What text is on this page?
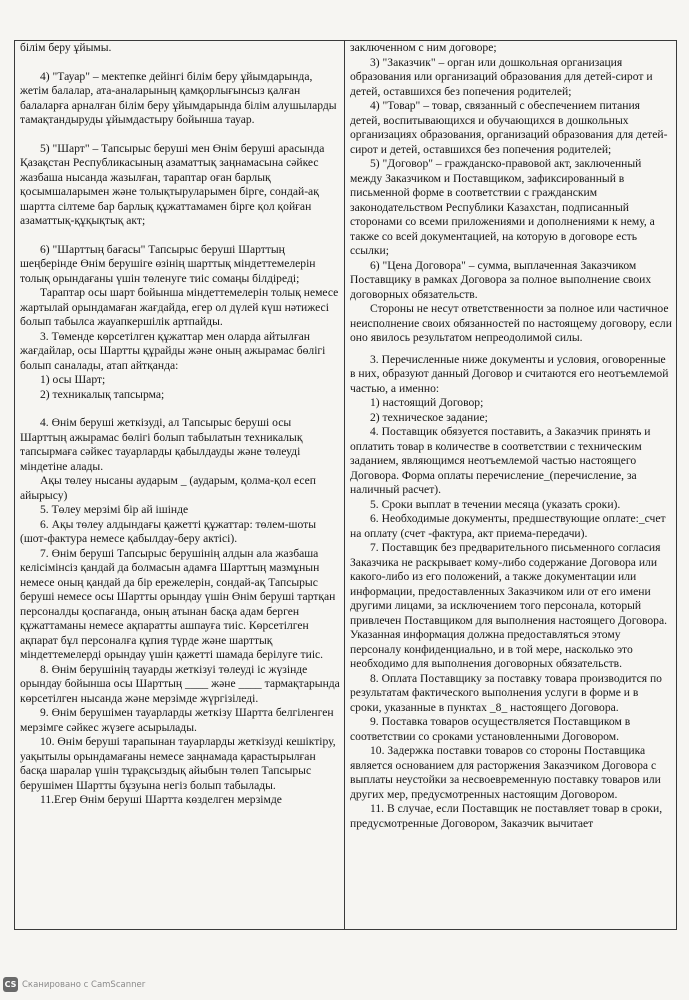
білім беру ұйымы.

4) "Тауар" – мектепке дейінгі білім беру ұйымдарында, жетім балалар, ата-аналарының қамқорлығынсыз қалған балаларға арналған білім беру ұйымдарында білім алушыларды тамақтандыруды ұйымдастыру бойынша тауар.

5) "Шарт" – Тапсырыс беруші мен Өнім беруші арасында Қазақстан Республикасының азаматтық заңнамасына сәйкес жазбаша нысанда жазылған, тараптар оған барлық қосымшаларымен және толықтыруларымен бірге, сондай-ақ шартта сілтеме бар барлық құжаттамамен бірге қол қойған азаматтық-құқықтық акт;

6) "Шарттың бағасы" Тапсырыс беруші Шарттың шеңберінде Өнім берушіге өзінің шарттық міндеттемелерін толық орындағаны үшін төленуге тиіс сомаңы білдіреді;

Тараптар осы шарт бойынша міндеттемелерін толық немесе жартылай орындамаған жағдайда, егер ол дүлей күш нәтижесі болып табылса жауапкершілік артпайды.

3. Төменде көрсетілген құжаттар мен оларда айтылған жағдайлар, осы Шартты құрайды және оның ажырамас бөлігі болып саналады, атап айтқанда:

1) осы Шарт;

2) техникалық тапсырма;

4. Өнім беруші жеткізуді, ал Тапсырыс беруші осы Шарттың ажырамас бөлігі болып табылатын техникалық тапсырмаға сәйкес тауарларды қабылдауды және төлеуді міндетіне алады.

Ақы төлеу нысаны аударым _ (аударым, қолма-қол есеп айырысу)

5. Төлеу мерзімі бір ай ішінде

6. Ақы төлеу алдындағы қажетті құжаттар: төлем-шоты (шот-фактура немесе қабылдау-беру актісі).

7. Өнім беруші Тапсырыс берушінің алдын ала жазбаша келісімінсіз қандай да болмасын адамға Шарттың мазмұнын немесе оның қандай да бір ережелерін, сондай-ақ Тапсырыс беруші немесе осы Шартты орындау үшін Өнім беруші тартқан персоналды қоспағанда, оның атынан басқа адам берген құжаттаманы немесе ақпаратты ашпауға тиіс. Көрсетілген ақпарат бұл персоналға құпия түрде және шарттық міндеттемелерді орындау үшін қажетті шамада берілуге тиіс.

8. Өнім берушінің тауарды жеткізуі төлеуді іс жүзінде орындау бойынша осы Шарттың ____ және ____ тармақтарында көрсетілген нысанда және мерзімде жүргізіледі.

9. Өнім берушімен тауарларды жеткізу Шартта белгіленген мерзімге сәйкес жүзеге асырылады.

10. Өнім беруші тарапынан тауарларды жеткізуді кешіктіру, уақытылы орындамағаны немесе заңнамада қарастырылған басқа шаралар үшін тұрақсыздық айыбын төлеп Тапсырыс берушімен Шартты бұзуына негіз болып табылады.

11.Егер Өнім беруші Шартта көзделген мерзімде

заключенном с ним договоре;

3) "Заказчик" – орган или дошкольная организация образования или организаций образования для детей-сирот и детей, оставшихся без попечения родителей;

4) "Товар" – товар, связанный с обеспечением питания детей, воспитывающихся и обучающихся в дошкольных организациях образования, организаций образования для детей-сирот и детей, оставшихся без попечения родителей;

5) "Договор" – гражданско-правовой акт, заключенный между Заказчиком и Поставщиком, зафиксированный в письменной форме в соответствии с гражданским законодательством Республики Казахстан, подписанный сторонами со всеми приложениями и дополнениями к нему, а также со всей документацией, на которую в договоре есть ссылки;

6) "Цена Договора" – сумма, выплаченная Заказчиком Поставщику в рамках Договора за полное выполнение своих договорных обязательств.

Стороны не несут ответственности за полное или частичное неисполнение своих обязанностей по настоящему договору, если оно явилось результатом непреодолимой силы.

3. Перечисленные ниже документы и условия, оговоренные в них, образуют данный Договор и считаются его неотъемлемой частью, а именно:

1) настоящий Договор;

2) техническое задание;

4. Поставщик обязуется поставить, а Заказчик принять и оплатить товар в количестве в соответствии с техническим заданием, являющимся неотъемлемой частью настоящего Договора. Форма оплаты перечисление_(перечисление, за наличный расчет).

5. Сроки выплат в течении месяца (указать сроки).

6. Необходимые документы, предшествующие оплате:_счет на оплату (счет -фактура, акт приема-передачи).

7. Поставщик без предварительного письменного согласия Заказчика не раскрывает кому-либо содержание Договора или какого-либо из его положений, а также документации или информации, предоставленных Заказчиком или от его имени другими лицами, за исключением того персонала, который привлечен Поставщиком для выполнения настоящего Договора. Указанная информация должна предоставляться этому персоналу конфиденциально, и в той мере, насколько это необходимо для выполнения договорных обязательств.

8. Оплата Поставщику за поставку товара производится по результатам фактического выполнения услуги в форме и в сроки, указанные в пунктах _8_ настоящего Договора.

9. Поставка товаров осуществляется Поставщиком в соответствии со сроками установленными Договором.

10. Задержка поставки товаров со стороны Поставщика является основанием для расторжения Заказчиком Договора с выплаты неустойки за несвоевременную поставку товаров или других мер, предусмотренных настоящим Договором.

11. В случае, если Поставщик не поставляет товар в сроки, предусмотренные Договором, Заказчик вычитает

CS Сканировано с CamScanner
